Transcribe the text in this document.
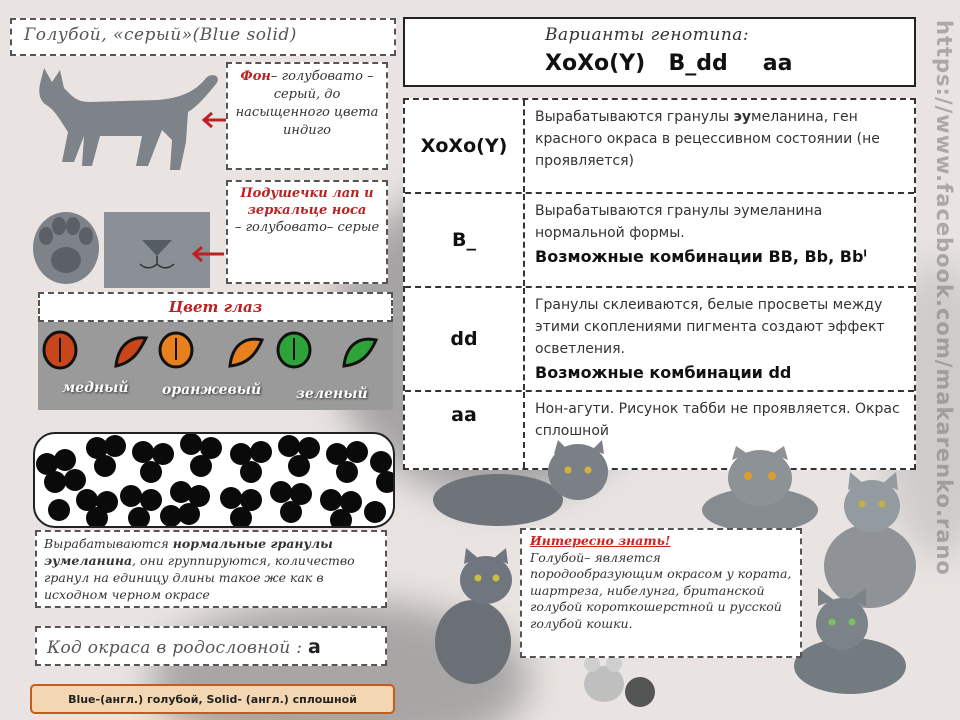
Голубой, «серый»(Blue solid)
Фон– голубовато – серый, до насыщенного цвета индиго
Подушечки лап и зеркальце носа
– голубовато– серые
Цвет глаз
медный оранжевый зеленый
Вырабатываются нормальные гранулы эумеланина, они группируются, количество гранул на единицу длины такое же как в исходном черном окрасе
Код окраса в родословной : a
Blue-(англ.) голубой, Solid- (англ.) сплошной
Варианты генотипа:
XoXo(Y)  B_dd   aa
XoXo(Y)
Вырабатываются гранулы эумеланина, ген красного окраса в рецессивном состоянии (не проявляется)
B_
Вырабатываются гранулы эумеланина нормальной формы.
Возможные комбинации BB, Bb, Bbˡ
dd
Гранулы склеиваются, белые просветы между этими скоплениями пигмента создают эффект осветления.
Возможные комбинации dd
aa	Нон-агути. Рисунок табби не проявляется. Окрас сплошной	https://www.facebook.com/makarenko.rano
Интересно знать!
Голубой– является породообразующим окрасом у кората, шартреза, нибелунга, британской голубой короткошерстной и русской голубой кошки.
